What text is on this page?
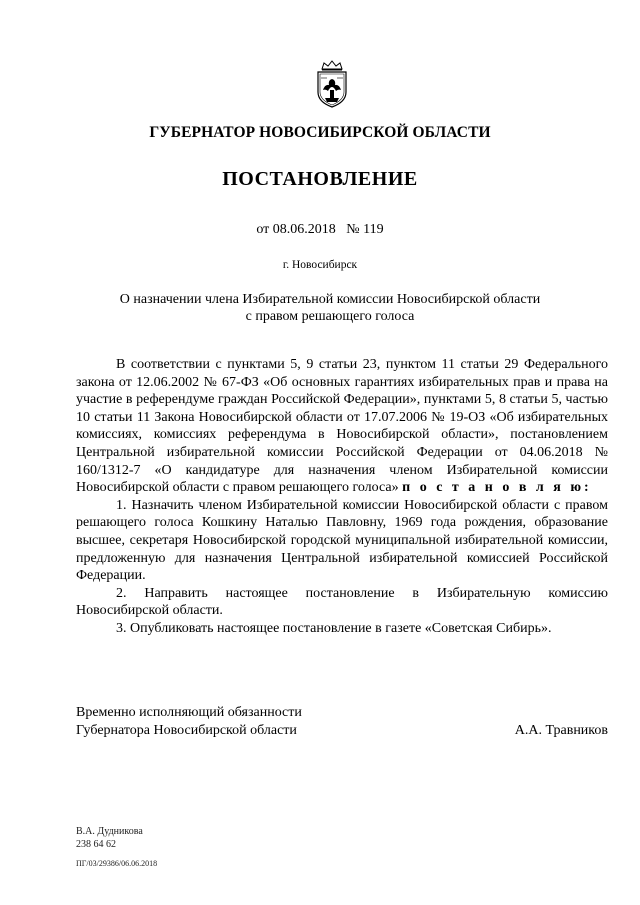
ГУБЕРНАТОР НОВОСИБИРСКОЙ ОБЛАСТИ
ПОСТАНОВЛЕНИЕ
от 08.06.2018 № 119
г. Новосибирск
О назначении члена Избирательной комиссии Новосибирской области
с правом решающего голоса

В соответствии с пунктами 5, 9 статьи 23, пунктом 11 статьи 29 Федерального закона от 12.06.2002 № 67-ФЗ «Об основных гарантиях избирательных прав и права на участие в референдуме граждан Российской Федерации», пунктами 5, 8 статьи 5, частью 10 статьи 11 Закона Новосибирской области от 17.07.2006 № 19-ОЗ «Об избирательных комиссиях, комиссиях референдума в Новосибирской области», постановлением Центральной избирательной комиссии Российской Федерации от 04.06.2018 № 160/1312-7 «О кандидатуре для назначения членом Избирательной комиссии Новосибирской области с правом решающего голоса» п о с т а н о в л я ю:

1. Назначить членом Избирательной комиссии Новосибирской области с правом решающего голоса Кошкину Наталью Павловну, 1969 года рождения, образование высшее, секретаря Новосибирской городской муниципальной избирательной комиссии, предложенную для назначения Центральной избирательной комиссией Российской Федерации.

2. Направить настоящее постановление в Избирательную комиссию Новосибирской области.

3. Опубликовать настоящее постановление в газете «Советская Сибирь».

Временно исполняющий обязанности
Губернатора Новосибирской области	А.А. Травников
В.А. Дудникова
238 64 62
ПГ/03/29386/06.06.2018
